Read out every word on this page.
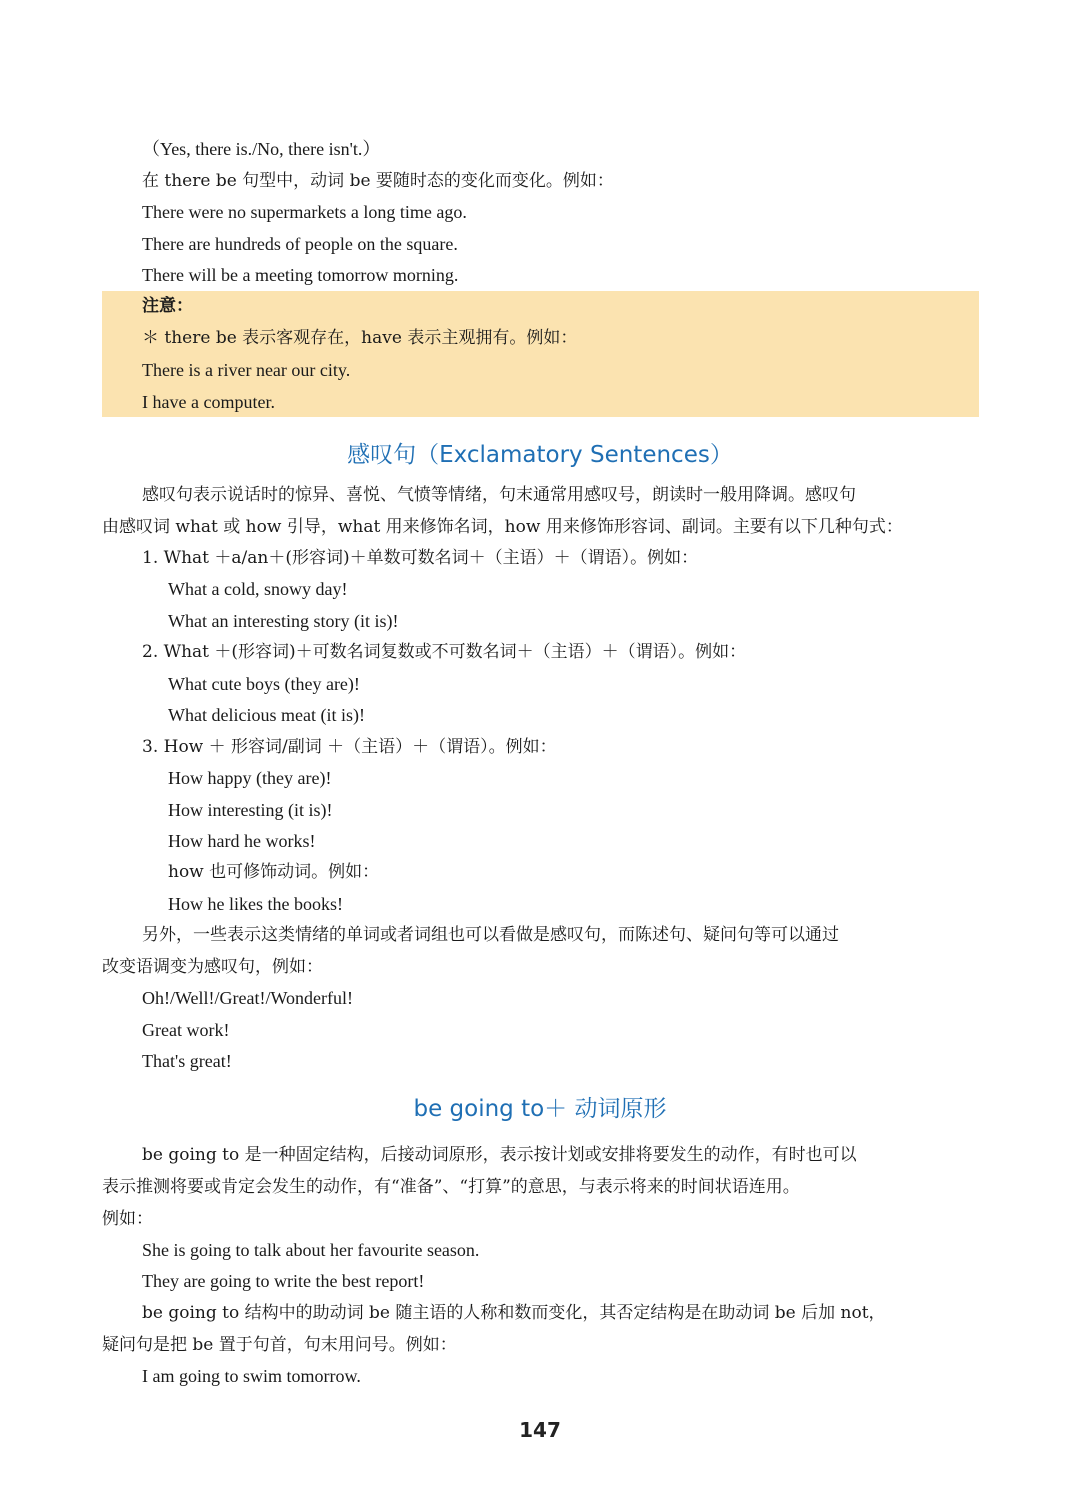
（Yes, there is./No, there isn't.）
在 there be 句型中，动词 be 要随时态的变化而变化。例如：
There were no supermarkets a long time ago.
There are hundreds of people on the square.
There will be a meeting tomorrow morning.
注意：
＊ there be 表示客观存在，have 表示主观拥有。例如：
There is a river near our city.
I have a computer.
感叹句（Exclamatory Sentences）
感叹句表示说话时的惊异、喜悦、气愤等情绪，句末通常用感叹号，朗读时一般用降调。感叹句
由感叹词 what 或 how 引导，what 用来修饰名词，how 用来修饰形容词、副词。主要有以下几种句式：
1. What ＋a/an＋(形容词)＋单数可数名词＋（主语）＋（谓语）。例如：
What a cold, snowy day!
What an interesting story (it is)!
2. What ＋(形容词)＋可数名词复数或不可数名词＋（主语）＋（谓语）。例如：
What cute boys (they are)!
What delicious meat (it is)!
3. How ＋ 形容词/副词 ＋（主语）＋（谓语）。例如：
How happy (they are)!
How interesting (it is)!
How hard he works!
how 也可修饰动词。例如：
How he likes the books!
另外，一些表示这类情绪的单词或者词组也可以看做是感叹句，而陈述句、疑问句等可以通过
改变语调变为感叹句，例如：
Oh!/Well!/Great!/Wonderful!
Great work!
That's great!
be going to＋ 动词原形
be going to 是一种固定结构，后接动词原形，表示按计划或安排将要发生的动作，有时也可以
表示推测将要或肯定会发生的动作，有“准备”、“打算”的意思，与表示将来的时间状语连用。
例如：
She is going to talk about her favourite season.
They are going to write the best report!
be going to 结构中的助动词 be 随主语的人称和数而变化，其否定结构是在助动词 be 后加 not，
疑问句是把 be 置于句首，句末用问号。例如：
I am going to swim tomorrow.
147
